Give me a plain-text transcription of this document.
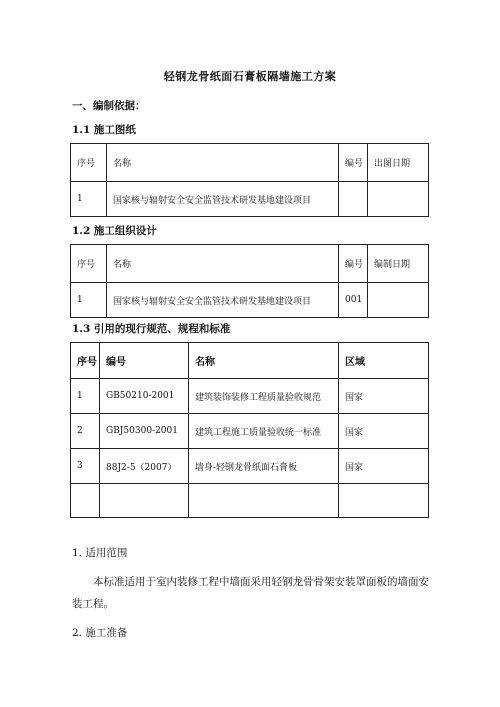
轻钢龙骨纸面石膏板隔墙施工方案
一、编制依据：
1.1 施工图纸
序号	名称	编号	出图日期
1	国家核与辐射安全安全监管技术研发基地建设项目		
1.2 施工组织设计
序号	名称	编号	编制日期
1	国家核与辐射安全安全监管技术研发基地建设项目	001	
1.3 引用的现行规范、规程和标准
序号	编号	名称	区域
1	GB50210-2001	建筑装饰装修工程质量验收规范	国家
2	GBJ50300-2001	建筑工程施工质量验收统一标准	国家
3	88J2-5（2007）	墙身-轻钢龙骨纸面石膏板	国家

1. 适用范围
本标准适用于室内装修工程中墙面采用轻钢龙骨骨架安装罩面板的墙面安装工程。
2. 施工准备
